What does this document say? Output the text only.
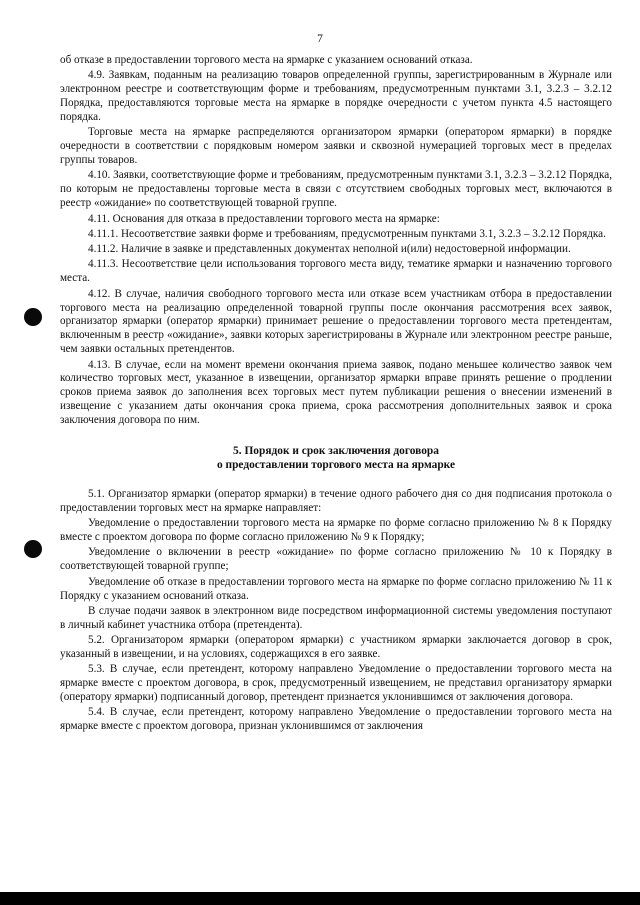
7

об отказе в предоставлении торгового места на ярмарке с указанием оснований отказа.

4.9. Заявкам, поданным на реализацию товаров определенной группы, зарегистрированным в Журнале или электронном реестре и соответствующим форме и требованиям, предусмотренным пунктами 3.1, 3.2.3 – 3.2.12 Порядка, предоставляются торговые места на ярмарке в порядке очередности с учетом пункта 4.5 настоящего порядка.

Торговые места на ярмарке распределяются организатором ярмарки (оператором ярмарки) в порядке очередности в соответствии с порядковым номером заявки и сквозной нумерацией торговых мест в пределах группы товаров.

4.10. Заявки, соответствующие форме и требованиям, предусмотренным пунктами 3.1, 3.2.3 – 3.2.12 Порядка, по которым не предоставлены торговые места в связи с отсутствием свободных торговых мест, включаются в реестр «ожидание» по соответствующей товарной группе.

4.11. Основания для отказа в предоставлении торгового места на ярмарке:

4.11.1. Несоответствие заявки форме и требованиям, предусмотренным пунктами 3.1, 3.2.3 – 3.2.12 Порядка.

4.11.2. Наличие в заявке и представленных документах неполной и(или) недостоверной информации.

4.11.3. Несоответствие цели использования торгового места виду, тематике ярмарки и назначению торгового места.

4.12. В случае, наличия свободного торгового места или отказе всем участникам отбора в предоставлении торгового места на реализацию определенной товарной группы после окончания рассмотрения всех заявок, организатор ярмарки (оператор ярмарки) принимает решение о предоставлении торгового места претендентам, включенным в реестр «ожидание», заявки которых зарегистрированы в Журнале или электронном реестре раньше, чем заявки остальных претендентов.

4.13. В случае, если на момент времени окончания приема заявок, подано меньшее количество заявок чем количество торговых мест, указанное в извещении, организатор ярмарки вправе принять решение о продлении сроков приема заявок до заполнения всех торговых мест путем публикации решения о внесении изменений в извещение с указанием даты окончания срока приема, срока рассмотрения дополнительных заявок и срока заключения договора по ним.

5. Порядок и срок заключения договора
о предоставлении торгового места на ярмарке

5.1. Организатор ярмарки (оператор ярмарки) в течение одного рабочего дня со дня подписания протокола о предоставлении торговых мест на ярмарке направляет:

Уведомление о предоставлении торгового места на ярмарке по форме согласно приложению № 8 к Порядку вместе с проектом договора по форме согласно приложению № 9 к Порядку;

Уведомление о включении в реестр «ожидание» по форме согласно приложению № 10 к Порядку в соответствующей товарной группе;

Уведомление об отказе в предоставлении торгового места на ярмарке по форме согласно приложению № 11 к Порядку с указанием оснований отказа.

В случае подачи заявок в электронном виде посредством информационной системы уведомления поступают в личный кабинет участника отбора (претендента).

5.2. Организатором ярмарки (оператором ярмарки) с участником ярмарки заключается договор в срок, указанный в извещении, и на условиях, содержащихся в его заявке.

5.3. В случае, если претендент, которому направлено Уведомление о предоставлении торгового места на ярмарке вместе с проектом договора, в срок, предусмотренный извещением, не представил организатору ярмарки (оператору ярмарки) подписанный договор, претендент признается уклонившимся от заключения договора.

5.4. В случае, если претендент, которому направлено Уведомление о предоставлении торгового места на ярмарке вместе с проектом договора, признан уклонившимся от заключения
